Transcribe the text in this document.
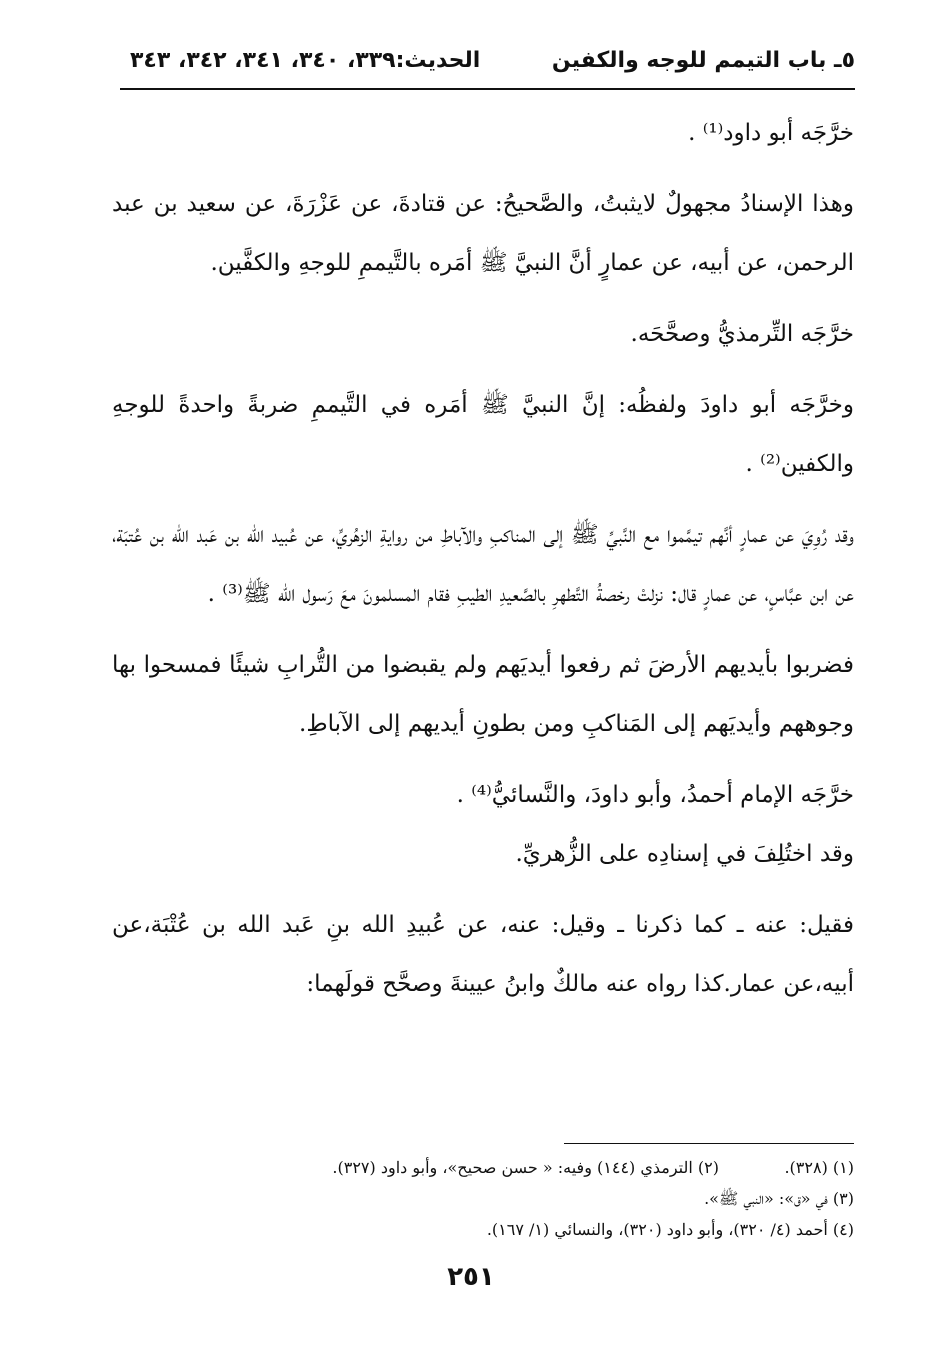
٥ـ باب التيمم للوجه والكفين
الحديث:٣٣٩، ٣٤٠، ٣٤١، ٣٤٢، ٣٤٣

خرَّجَه أبو داود⁽¹⁾ .

وهذا الإسنادُ مجهولٌ لايثبتُ، والصَّحيحُ: عن قتادةَ، عن عَزْرَةَ، عن سعيد بن عبد الرحمن، عن أبيه، عن عمارٍ أنَّ النبيَّ ﷺ أمَره بالتَّيممِ للوجهِ والكفَّين.

خرَّجَه التِّرمذيُّ وصحَّحَه.

وخرَّجَه أبو داودَ ولفظُه: إنَّ النبيَّ ﷺ أمَره في التَّيممِ ضربةً واحدةً للوجهِ والكفين⁽²⁾ .

وقد رُوِيَ عن عمارٍ أنَّهم تيمَّموا مع النَّبيِّ ﷺ إلى المناكبِ والآباطِ من روايةِ الزهُريِّ، عن عُبيد الله بن عَبد الله بن عُتبَة، عن ابن عبَّاسٍ، عن عمارٍ قال: نزلتْ رخصةُ التَّطهرِ بالصَّعيدِ الطيبِ فقام المسلمونَ معَ رَسول الله ﷺ⁽³⁾ .

فضربوا بأيديهم الأرضَ ثم رفعوا أيديَهم ولم يقبضوا من التُّرابِ شيئًا فمسحوا بها وجوههم وأيديَهم إلى المَناكبِ ومن بطونِ أيديهم إلى الآباطِ.

خرَّجَه الإمام أحمدُ، وأبو داودَ، والنَّسائيُّ⁽⁴⁾ .

وقد اختُلِفَ في إسنادِه على الزُّهريِّ.

فقيل: عنه ـ كما ذكرنا ـ وقيل: عنه، عن عُبيدِ الله بنِ عَبد الله بن عُتْبَة،عن أبيه،عن عمار.كذا رواه عنه مالكٌ وابنُ عيينةَ وصحَّح قولَهما:

(١) (٣٢٨).
(٢) الترمذي (١٤٤) وفيه: « حسن صحيح»، وأبو داود (٣٢٧).
(٣) في «ق»: «النبي ﷺ».
(٤) أحمد (٤/ ٣٢٠)، وأبو داود (٣٢٠)، والنسائي (١/ ١٦٧).
٢٥١
